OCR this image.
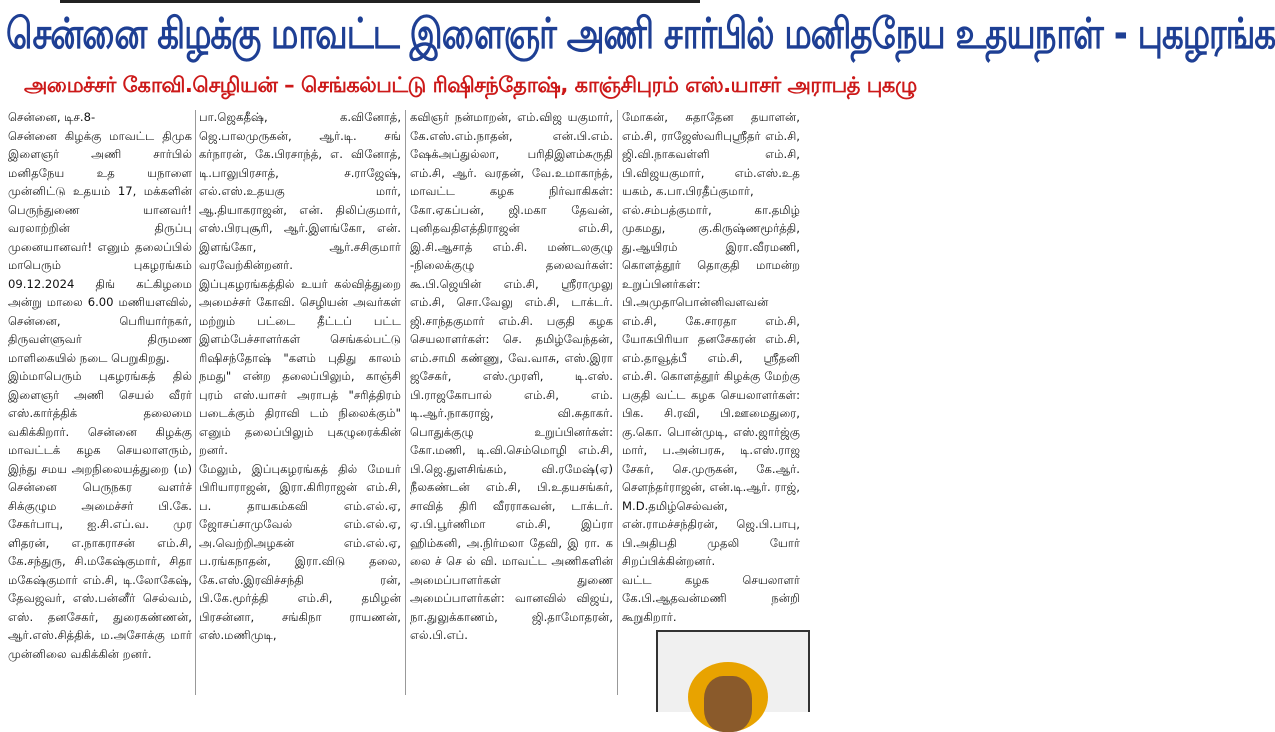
சென்னை கிழக்கு மாவட்ட இளைஞர் அணி சார்பில் மனிதநேய உதயநாள் - புகழரங்க
அமைச்சர் கோவி.செழியன் – செங்கல்பட்டு ரிஷிசந்தோஷ், காஞ்சிபுரம் எஸ்.யாசர் அராபத் புகழு

சென்னை, டிச.8-

சென்னை கிழக்கு மாவட்ட திமுக இளைஞர் அணி சார்பில் மனிதநேய உத யநாளை முன்னிட்டு உதயம் 17, மக்களின் பெருந்துணை யானவர்! வரலாற்றின் திருப்பு முனையானவர்! எனும் தலைப்பில் மாபெரும் புகழரங்கம் 09.12.2024 திங் கட்கிழமை அன்று மாலை 6.00 மணியளவில், சென்னை, பெரியார்நகர், திருவள்ளுவர் திருமண மாளிகையில் நடை பெறுகிறது.

இம்மாபெரும் புகழரங்கத் தில் இளைஞர் அணி செயல் வீரர் எஸ்.கார்த்திக் தலைமை வகிக்கிறார். சென்னை கிழக்கு மாவட்டக் கழக செயலாளரும், இந்து சமய அறநிலையத்துறை (ம) சென்னை பெருநகர வளர்ச் சிக்குழும அமைச்சர் பி.கே. சேகர்பாபு, ஐ.சி.எப்.வ. முர ளிதரன், எ.நாகராசன் எம்.சி, கே.சந்துரு, சி.மகேஷ்குமார், சிதா மகேஷ்குமார் எம்.சி, டி.லோகேஷ், தேவஜவர், எஸ்.பன்னீர் செல்வம், எஸ். தனசேகர், துரைகண்ணன், ஆர்.எஸ்.சித்திக், ம.அசோக்கு மார் முன்னிலை வகிக்கின் றனர்.

பா.ஜெகதீஷ், க.வினோத், ஜெ.பாலமுருகன், ஆர்.டி. சங் கர்நாரன், கே.பிரசாந்த், எ. வினோத், டி.பாலுபிரசாத், ச.ராஜேஷ், எல்.எஸ்.உதயகு மார், ஆ.தியாகராஜன், என். திலிப்குமார், எஸ்.பிரபுசூரி, ஆர்.இளங்கோ, என். இளங்கோ, ஆர்.சசிகுமார் வரவேற்கின்றனர்.

இப்புகழரங்கத்தில் உயர் கல்வித்துறை அமைச்சர் கோவி. செழியன் அவர்கள் மற்றும் பட்டை தீட்டப் பட்ட இளம்பேச்சாளர்கள் செங்கல்பட்டு ரிஷிசந்தோஷ் "களம் புதிது காலம் நமது" என்ற தலைப்பிலும், காஞ்சி புரம் எஸ்.யாசர் அராபத் "சரித்திரம் படைக்கும் திராவி டம் நிலைக்கும்" எனும் தலைப்பிலும் புகழுரைக்கின் றனர்.

மேலும், இப்புகழரங்கத் தில் மேயர் பிரியாராஜன், இரா.கிரிராஜன் எம்.சி, ப. தாயகம்கவி எம்.எல்.ஏ, ஜோசப்சாமுவேல் எம்.எல்.ஏ, அ.வெற்றிஅழகன் எம்.எல்.ஏ, ப.ரங்கநாதன், இரா.விடு தலை, கே.எஸ்.இரவிச்சந்தி ரன், பி.கே.மூர்த்தி எம்.சி, தமிழன் பிரசன்னா, சங்கிநா ராயணன், எஸ்.மணிமுடி,

கவிஞர் நன்மாறன், எம்.விஜ யகுமார், கே.எஸ்.எம்.நாதன், என்.பி.எம். ஷேக்அப்துல்லா, பரிதிஇளம்சுருதி எம்.சி, ஆர். வரதன், வே.உமாகாந்த், மாவட்ட கழக நிர்வாகிகள்: கோ.ஏகப்பன், ஜி.மகா தேவன், புனிதவதிஎத்திராஜன் எம்.சி, இ.சி.ஆசாத் எம்.சி. மண்டலகுழு -நிலைக்குழு தலைவர்கள்: கூ.பி.ஜெயின் எம்.சி, ஸ்ரீராமுலு எம்.சி, சொ.வேலு எம்.சி, டாக்டர். ஜி.சாந்தகுமார் எம்.சி. பகுதி கழக செயலாளர்கள்: செ. தமிழ்வேந்தன், எம்.சாமி கண்ணு, வே.வாசு, எஸ்.இரா ஜசேகர், எஸ்.முரளி, டி.எஸ். பி.ராஜகோபால் எம்.சி, எம். டி.ஆர்.நாகராஜ், வி.சுதாகர். பொதுக்குழு உறுப்பினர்கள்: கோ.மணி, டி.வி.செம்மொழி எம்.சி, பி.ஜெ.துளசிங்கம், வி.ரமேஷ்(ஏ) நீலகண்டன் எம்.சி, பி.உதயசங்கர், சாவித் திரி வீரராகவன், டாக்டர். ஏ.பி.பூர்ணிமா எம்.சி, இப்ரா ஹிம்கனி, அ.நிர்மலா தேவி, இ ரா. க லை ச் செ ல் வி. மாவட்ட அணிகளின் அமைப்பாளர்கள் துணை அமைப்பாளர்கள்: வானவில் விஜய், நா.துலுக்காணம், ஜி.தாமோதரன், எல்.பி.எப்.

மோகன், சுதாதேன தயாளன், எம்.சி, ராஜேஸ்வரிபுஸ்ரீதர் எம்.சி, ஜி.வி.நாகவள்ளி எம்.சி, பி.விஜயகுமார், எம்.எஸ்.உத யகம், க.பா.பிரதீப்குமார்,

எல்.சம்பத்குமார், கா.தமிழ் முகமது, கு.கிருஷ்ணமூர்த்தி, து.ஆயிரம் இரா.வீரமணி, கொளத்தூர் தொகுதி மாமன்ற உறுப்பினர்கள்: பி.அமுதாபொன்னிவளவன் எம்.சி, கே.சாரதா எம்.சி, யோகபிரியா தனசேகரன் எம்.சி, எம்.தாவூத்பீ எம்.சி, ஸ்ரீதனி எம்.சி. கொளத்தூர் கிழக்கு மேற்கு பகுதி வட்ட கழக செயலாளர்கள்: பிக. சி.ரவி, பி.ஊமைதுரை, கு.கொ. பொன்முடி, எஸ்.ஜார்ஜ்கு மார், ப.அன்பரசு, டி.எஸ்.ராஜ சேகர், செ.முருகன், கே.ஆர். சௌந்தர்ராஜன், என்.டி.ஆர். ராஜ், M.D.தமிழ்செல்வன், என்.ராமச்சந்திரன், ஜெ.பி.பாபு, பி.அதிபதி முதலி யோர் சிறப்பிக்கின்றனர்.

வட்ட கழக செயலாளர் கே.பி.ஆதவன்மணி நன்றி கூறுகிறார்.
